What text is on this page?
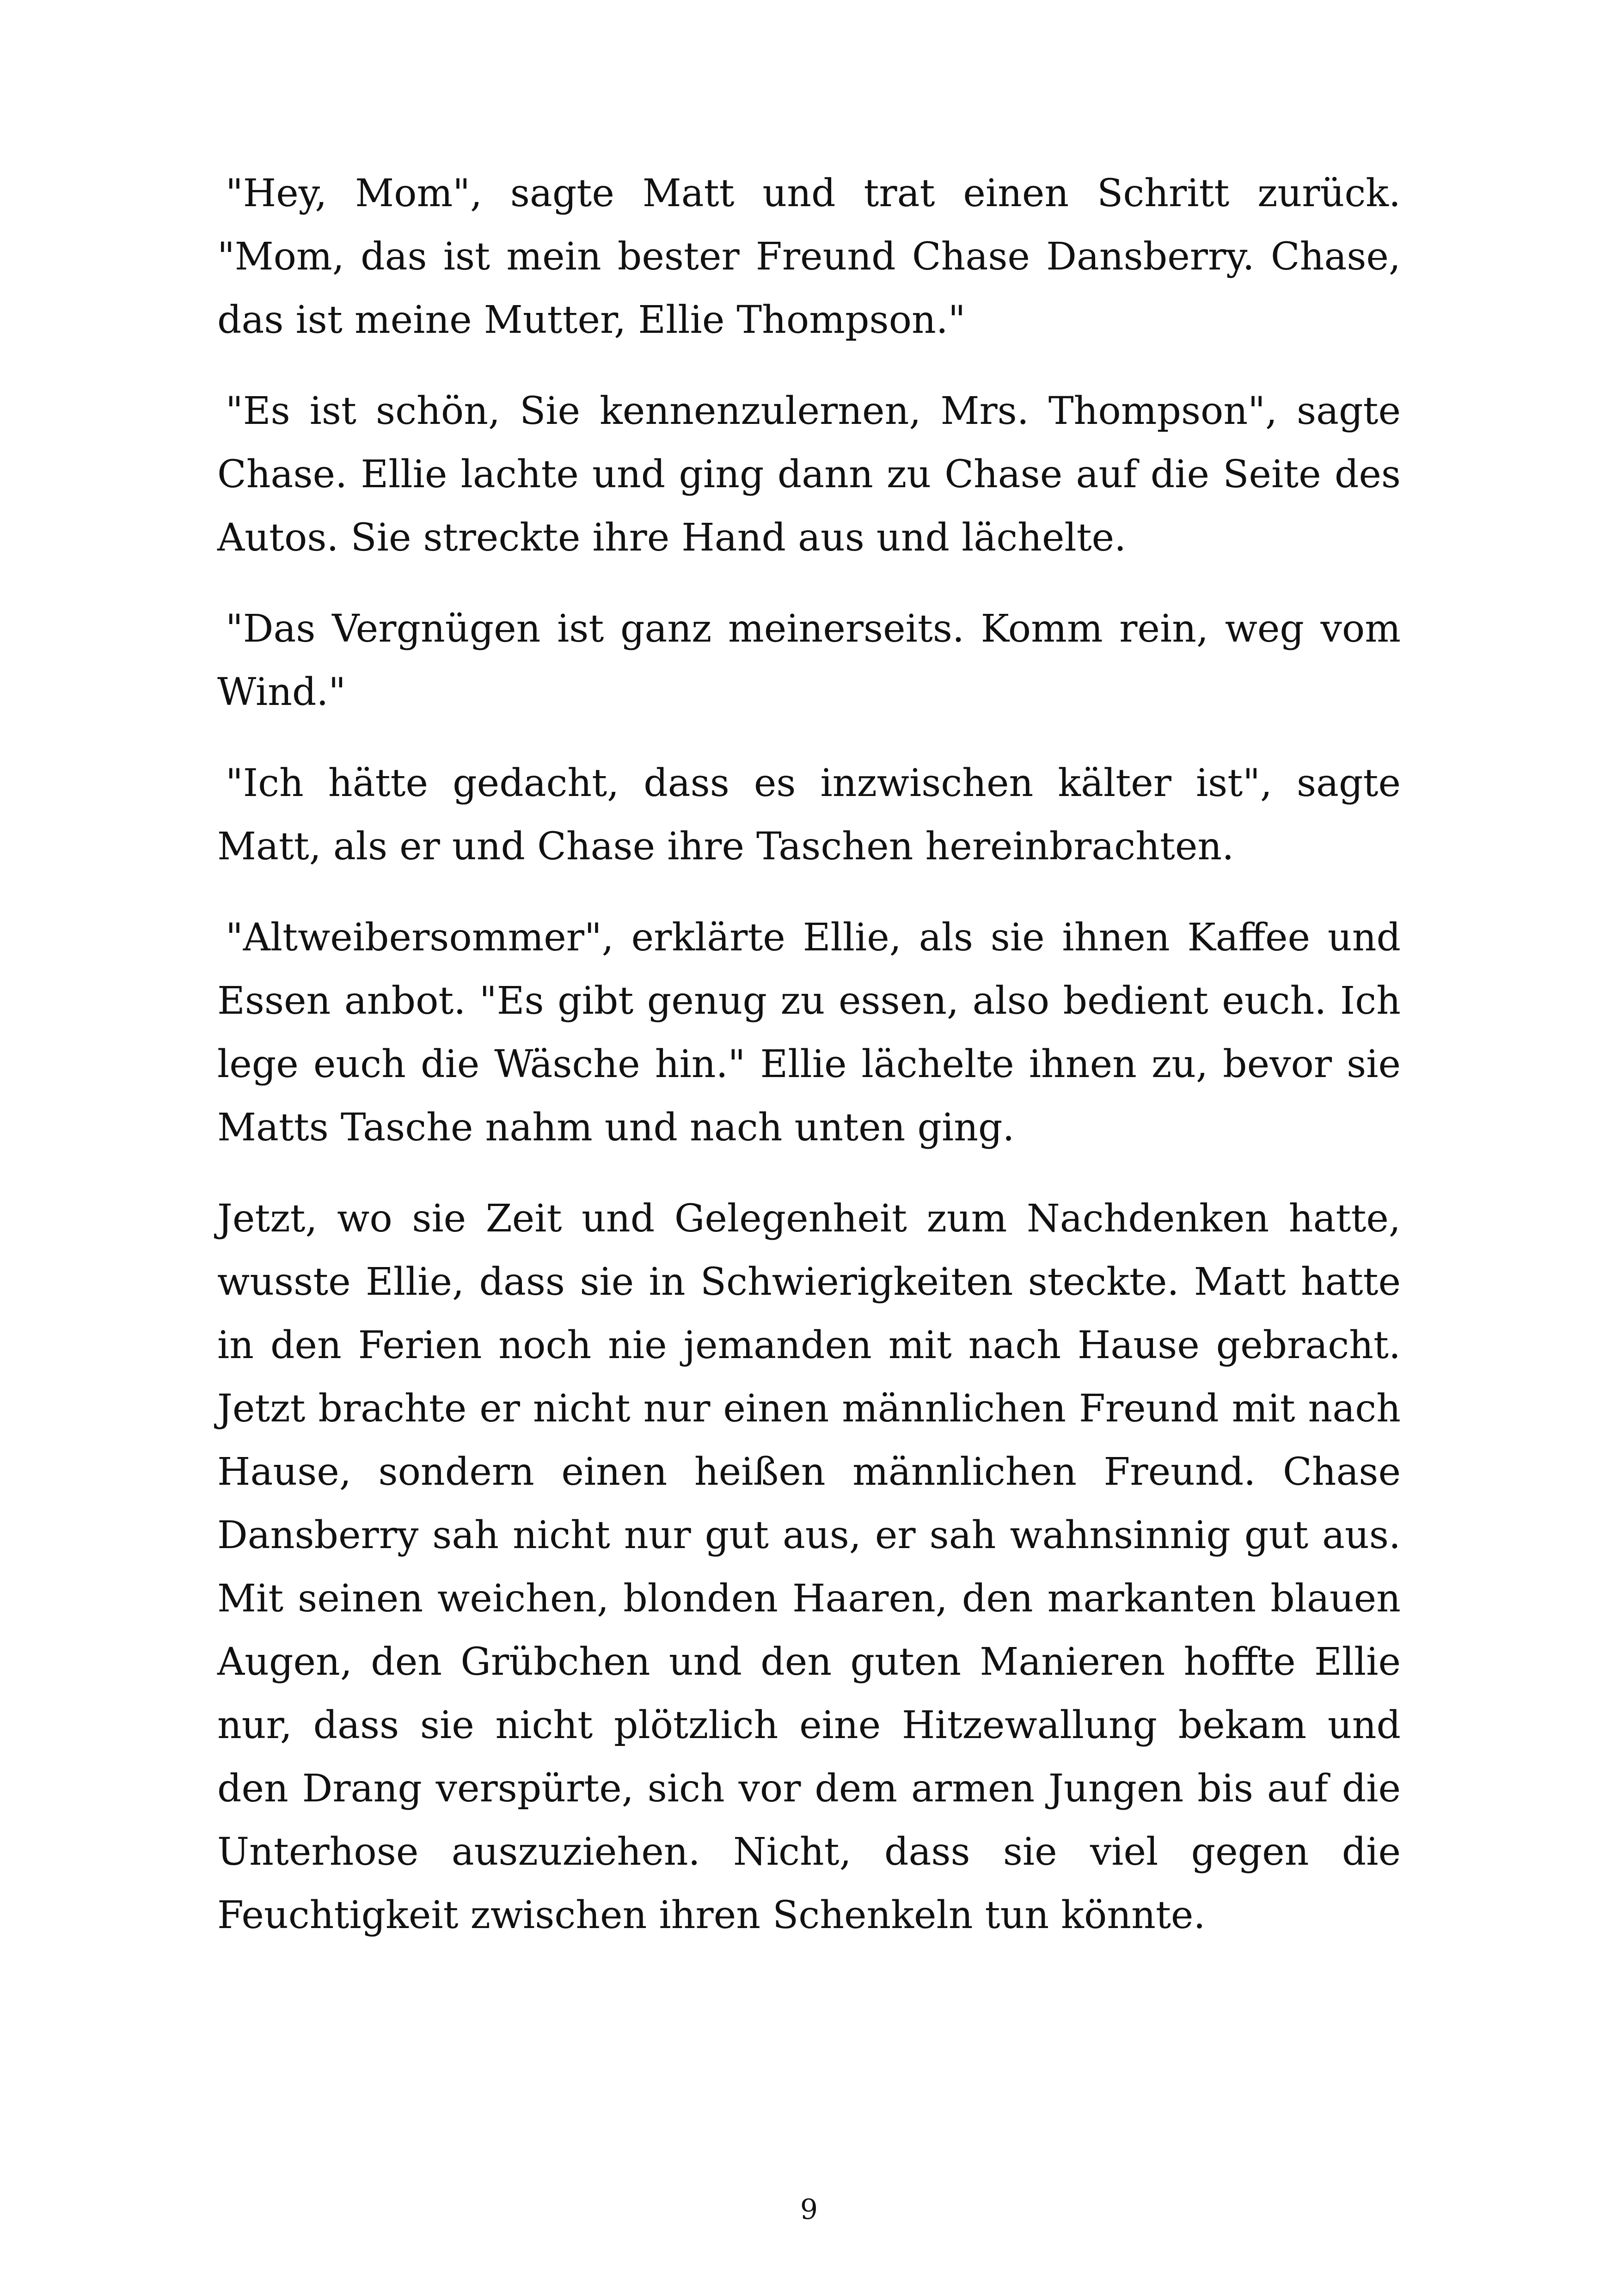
"Hey, Mom", sagte Matt und trat einen Schritt zurück. "Mom, das ist mein bester Freund Chase Dansberry. Chase, das ist meine Mutter, Ellie Thompson."

"Es ist schön, Sie kennenzulernen, Mrs. Thompson", sagte Chase. Ellie lachte und ging dann zu Chase auf die Seite des Autos. Sie streckte ihre Hand aus und lächelte.

"Das Vergnügen ist ganz meinerseits. Komm rein, weg vom Wind."

"Ich hätte gedacht, dass es inzwischen kälter ist", sagte Matt, als er und Chase ihre Taschen hereinbrachten.

"Altweibersommer", erklärte Ellie, als sie ihnen Kaffee und Essen anbot. "Es gibt genug zu essen, also bedient euch. Ich lege euch die Wäsche hin." Ellie lächelte ihnen zu, bevor sie Matts Tasche nahm und nach unten ging.

Jetzt, wo sie Zeit und Gelegenheit zum Nachdenken hatte, wusste Ellie, dass sie in Schwierigkeiten steckte. Matt hatte in den Ferien noch nie jemanden mit nach Hause gebracht. Jetzt brachte er nicht nur einen männlichen Freund mit nach Hause, sondern einen heißen männlichen Freund. Chase Dansberry sah nicht nur gut aus, er sah wahnsinnig gut aus. Mit seinen weichen, blonden Haaren, den markanten blauen Augen, den Grübchen und den guten Manieren hoffte Ellie nur, dass sie nicht plötzlich eine Hitzewallung bekam und den Drang verspürte, sich vor dem armen Jungen bis auf die Unterhose auszuziehen. Nicht, dass sie viel gegen die Feuchtigkeit zwischen ihren Schenkeln tun könnte.

9
